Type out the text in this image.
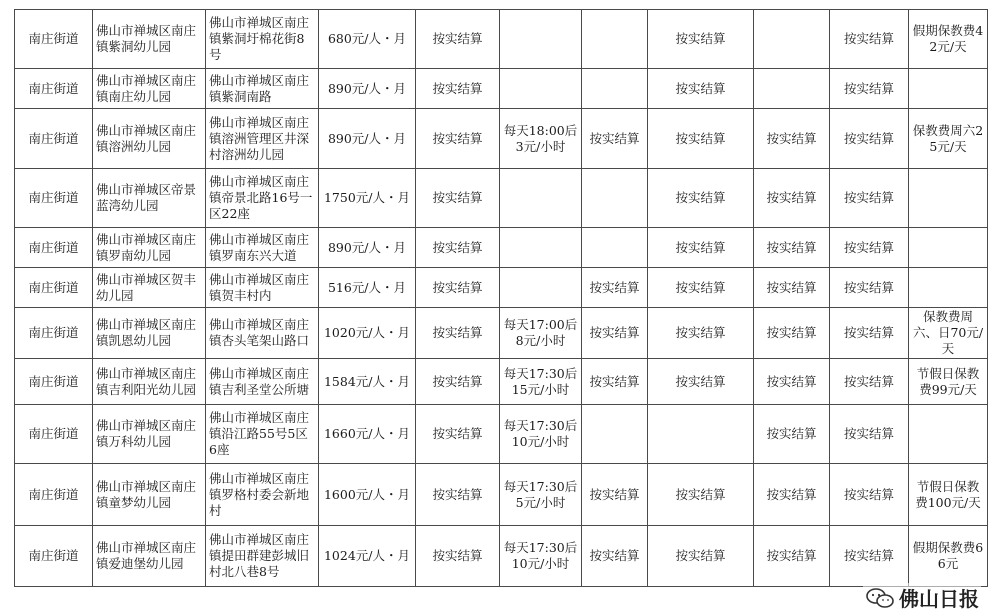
南庄街道	佛山市禅城区南庄镇紫洞幼儿园	佛山市禅城区南庄镇紫洞圩棉花街8号	680元/人・月	按实结算			按实结算		按实结算	假期保教费42元/天
南庄街道	佛山市禅城区南庄镇南庄幼儿园	佛山市禅城区南庄镇紫洞南路	890元/人・月	按实结算			按实结算		按实结算	
南庄街道	佛山市禅城区南庄镇溶洲幼儿园	佛山市禅城区南庄镇溶洲管理区井深村溶洲幼儿园	890元/人・月	按实结算	每天18:00后3元/小时	按实结算	按实结算	按实结算	按实结算	保教费周六25元/天
南庄街道	佛山市禅城区帝景蓝湾幼儿园	佛山市禅城区南庄镇帝景北路16号一区22座	1750元/人・月	按实结算			按实结算	按实结算	按实结算	
南庄街道	佛山市禅城区南庄镇罗南幼儿园	佛山市禅城区南庄镇罗南东兴大道	890元/人・月	按实结算			按实结算	按实结算	按实结算	
南庄街道	佛山市禅城区贺丰幼儿园	佛山市禅城区南庄镇贺丰村内	516元/人・月	按实结算		按实结算	按实结算	按实结算	按实结算	
南庄街道	佛山市禅城区南庄镇凯恩幼儿园	佛山市禅城区南庄镇杏头笔架山路口	1020元/人・月	按实结算	每天17:00后8元/小时	按实结算	按实结算	按实结算	按实结算	保教费周六、日70元/天
南庄街道	佛山市禅城区南庄镇吉利阳光幼儿园	佛山市禅城区南庄镇吉利圣堂公所塘	1584元/人・月	按实结算	每天17:30后15元/小时	按实结算	按实结算	按实结算	按实结算	节假日保教费99元/天
南庄街道	佛山市禅城区南庄镇万科幼儿园	佛山市禅城区南庄镇沿江路55号5区6座	1660元/人・月	按实结算	每天17:30后10元/小时			按实结算	按实结算	
南庄街道	佛山市禅城区南庄镇童梦幼儿园	佛山市禅城区南庄镇罗格村委会新地村	1600元/人・月	按实结算	每天17:30后5元/小时	按实结算	按实结算	按实结算	按实结算	节假日保教费100元/天
南庄街道	佛山市禅城区南庄镇爱迪堡幼儿园	佛山市禅城区南庄镇提田群建彭城旧村北八巷8号	1024元/人・月	按实结算	每天17:30后10元/小时	按实结算	按实结算	按实结算	按实结算	假期保教费66元
佛山日报
